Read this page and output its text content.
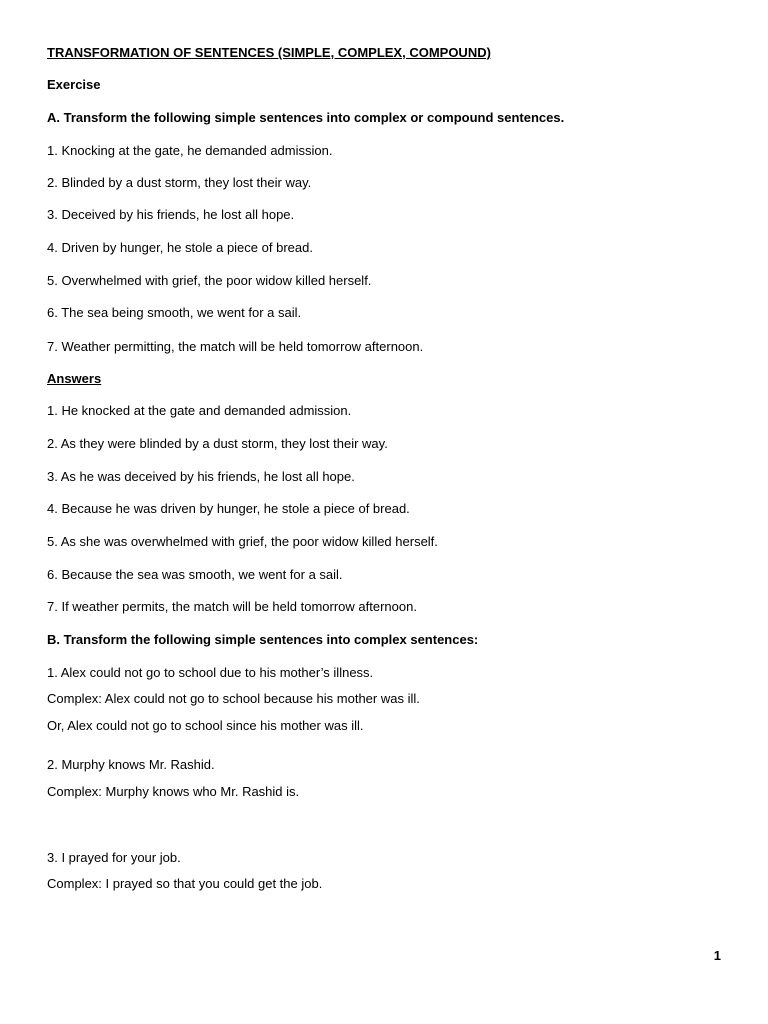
TRANSFORMATION OF SENTENCES (SIMPLE, COMPLEX, COMPOUND)
Exercise
A. Transform the following simple sentences into complex or compound sentences.
1. Knocking at the gate, he demanded admission.
2. Blinded by a dust storm, they lost their way.
3. Deceived by his friends, he lost all hope.
4. Driven by hunger, he stole a piece of bread.
5. Overwhelmed with grief, the poor widow killed herself.
6. The sea being smooth, we went for a sail.
7. Weather permitting, the match will be held tomorrow afternoon.
Answers
1. He knocked at the gate and demanded admission.
2. As they were blinded by a dust storm, they lost their way.
3. As he was deceived by his friends, he lost all hope.
4. Because he was driven by hunger, he stole a piece of bread.
5. As she was overwhelmed with grief, the poor widow killed herself.
6. Because the sea was smooth, we went for a sail.
7. If weather permits, the match will be held tomorrow afternoon.
B. Transform the following simple sentences into complex sentences:
1. Alex could not go to school due to his mother’s illness.
Complex: Alex could not go to school because his mother was ill.
Or, Alex could not go to school since his mother was ill.
2. Murphy knows Mr. Rashid.
Complex: Murphy knows who Mr. Rashid is.
3. I prayed for your job.
Complex: I prayed so that you could get the job.
1
